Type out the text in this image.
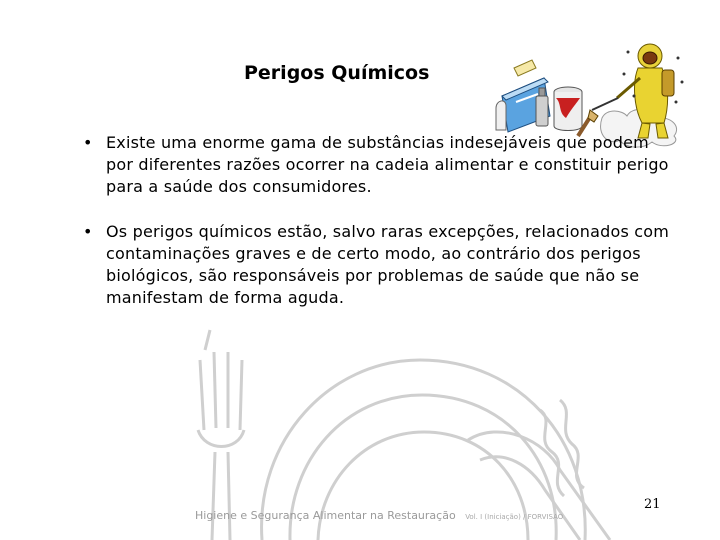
Perigos Químicos
• Existe uma enorme gama de substâncias indesejáveis que podem por diferentes razões ocorrer na cadeia alimentar e constituir perigo para a saúde dos consumidores.
• Os perigos químicos estão, salvo raras excepções, relacionados com contaminações graves e de certo modo, ao contrário dos perigos biológicos, são responsáveis por problemas de saúde que não se manifestam de forma aguda.
21
Higiene e Segurança Alimentar na Restauração Vol. I (Iniciação) / FORVISAO
